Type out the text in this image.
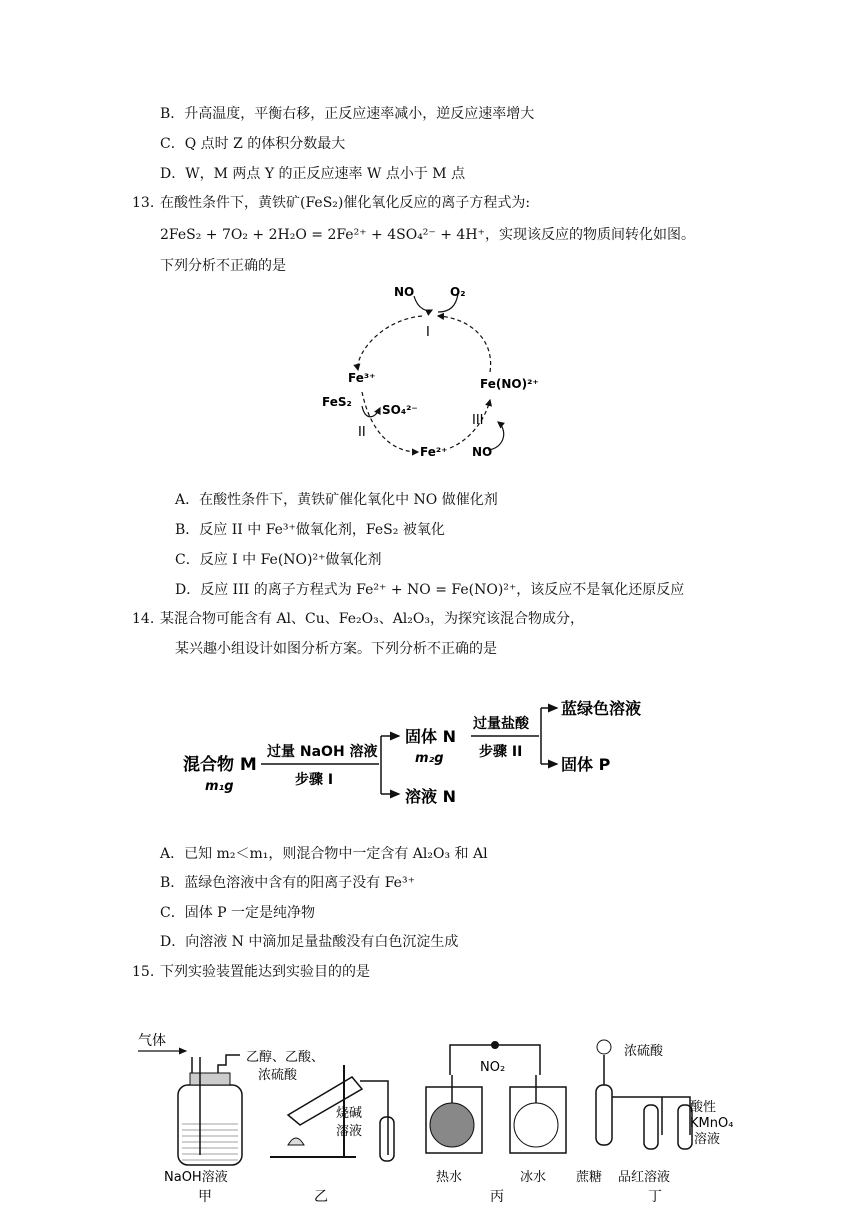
B．升高温度，平衡右移，正反应速率减小，逆反应速率增大
C．Q 点时 Z 的体积分数最大
D．W，M 两点 Y 的正反应速率 W 点小于 M 点
13. 在酸性条件下，黄铁矿(FeS₂)催化氧化反应的离子方程式为:
2FeS₂ + 7O₂ + 2H₂O = 2Fe²⁺ + 4SO₄²⁻ + 4H⁺，实现该反应的物质间转化如图。
下列分析不正确的是
NO	O₂
I
Fe³⁺
FeS₂
SO₄²⁻
II
Fe(NO)²⁺
III
Fe²⁺ NO
A．在酸性条件下，黄铁矿催化氧化中 NO 做催化剂
B．反应 II 中 Fe³⁺做氧化剂，FeS₂ 被氧化
C．反应 I 中 Fe(NO)²⁺做氧化剂
D．反应 III 的离子方程式为 Fe²⁺ + NO = Fe(NO)²⁺，该反应不是氧化还原反应
14. 某混合物可能含有 Al、Cu、Fe₂O₃、Al₂O₃，为探究该混合物成分，
某兴趣小组设计如图分析方案。下列分析不正确的是
混合物 M
m₁g
过量 NaOH 溶液
步骤 I
固体 N
m₂g
溶液 N
过量盐酸
步骤 II
蓝绿色溶液
固体 P
A．已知 m₂＜m₁，则混合物中一定含有 Al₂O₃ 和 Al
B．蓝绿色溶液中含有的阳离子没有 Fe³⁺
C．固体 P 一定是纯净物
D．向溶液 N 中滴加足量盐酸没有白色沉淀生成
15. 下列实验装置能达到实验目的的是
气体
NaOH溶液
甲
乙醇、乙酸、
浓硫酸
烧碱
溶液
乙
NO₂
热水	冰水
丙
浓硫酸
酸性
KMnO₄
溶液
蔗糖 品红溶液
丁
